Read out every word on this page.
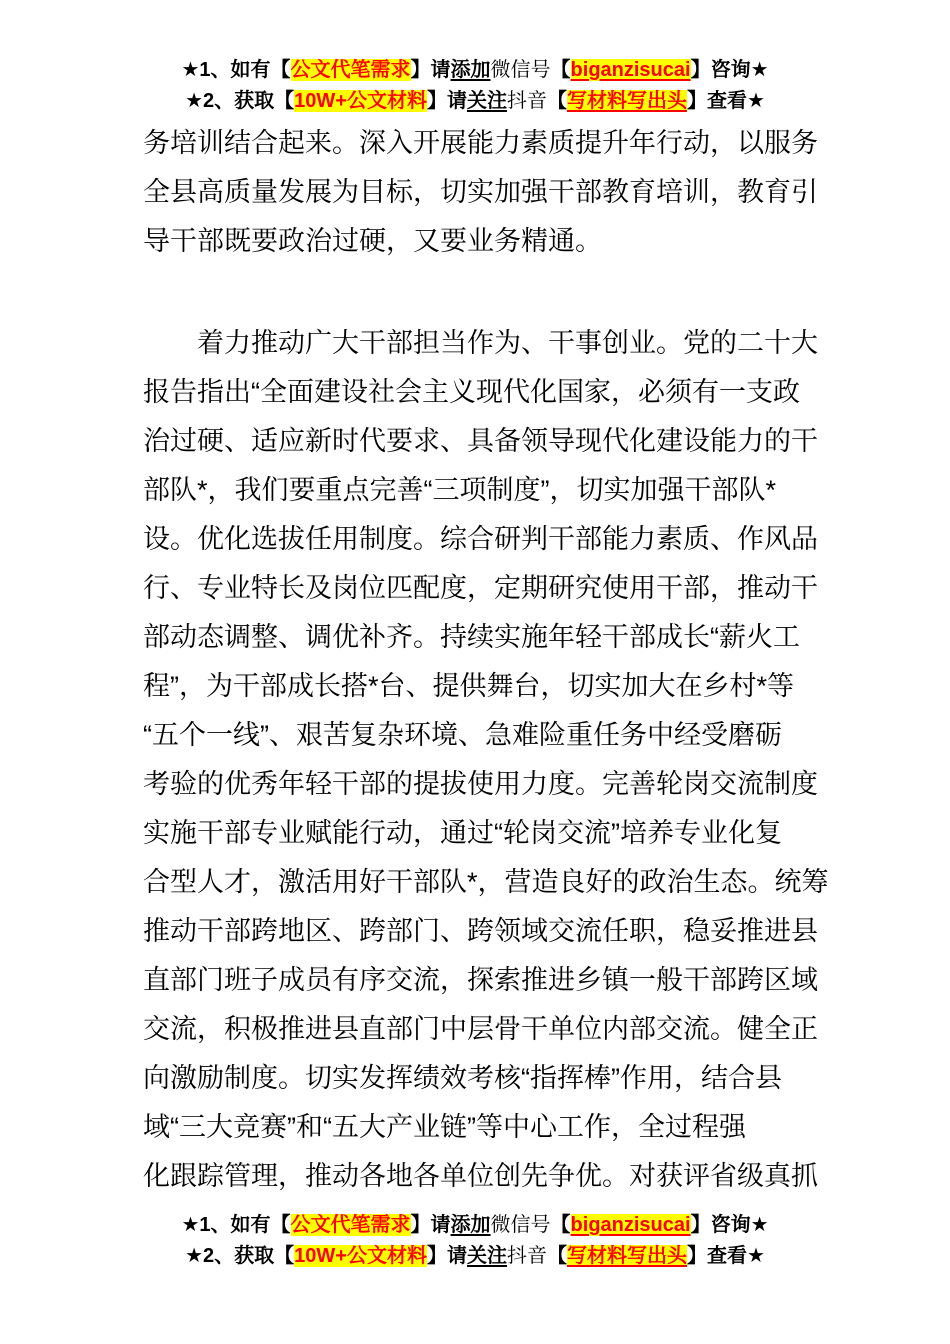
★1、如有【公文代笔需求】请添加微信号【biganzisucai】咨询★

★2、获取【10W+公文材料】请关注抖音【写材料写出头】查看★

务培训结合起来。深入开展能力素质提升年行动，以服务
全县高质量发展为目标，切实加强干部教育培训，教育引
导干部既要政治过硬，又要业务精通。
着力推动广大干部担当作为、干事创业。党的二十大
报告指出“全面建设社会主义现代化国家，必须有一支政
治过硬、适应新时代要求、具备领导现代化建设能力的干
部队*，我们要重点完善“三项制度”，切实加强干部队*
设。优化选拔任用制度。综合研判干部能力素质、作风品
行、专业特长及岗位匹配度，定期研究使用干部，推动干
部动态调整、调优补齐。持续实施年轻干部成长“薪火工
程”，为干部成长搭*台、提供舞台，切实加大在乡村*等
“五个一线”、艰苦复杂环境、急难险重任务中经受磨砺
考验的优秀年轻干部的提拔使用力度。完善轮岗交流制度
实施干部专业赋能行动，通过“轮岗交流”培养专业化复
合型人才，激活用好干部队*，营造良好的政治生态。统筹
推动干部跨地区、跨部门、跨领域交流任职，稳妥推进县
直部门班子成员有序交流，探索推进乡镇一般干部跨区域
交流，积极推进县直部门中层骨干单位内部交流。健全正
向激励制度。切实发挥绩效考核“指挥棒”作用，结合县
域“三大竞赛”和“五大产业链”等中心工作，全过程强
化跟踪管理，推动各地各单位创先争优。对获评省级真抓

★1、如有【公文代笔需求】请添加微信号【biganzisucai】咨询★

★2、获取【10W+公文材料】请关注抖音【写材料写出头】查看★
